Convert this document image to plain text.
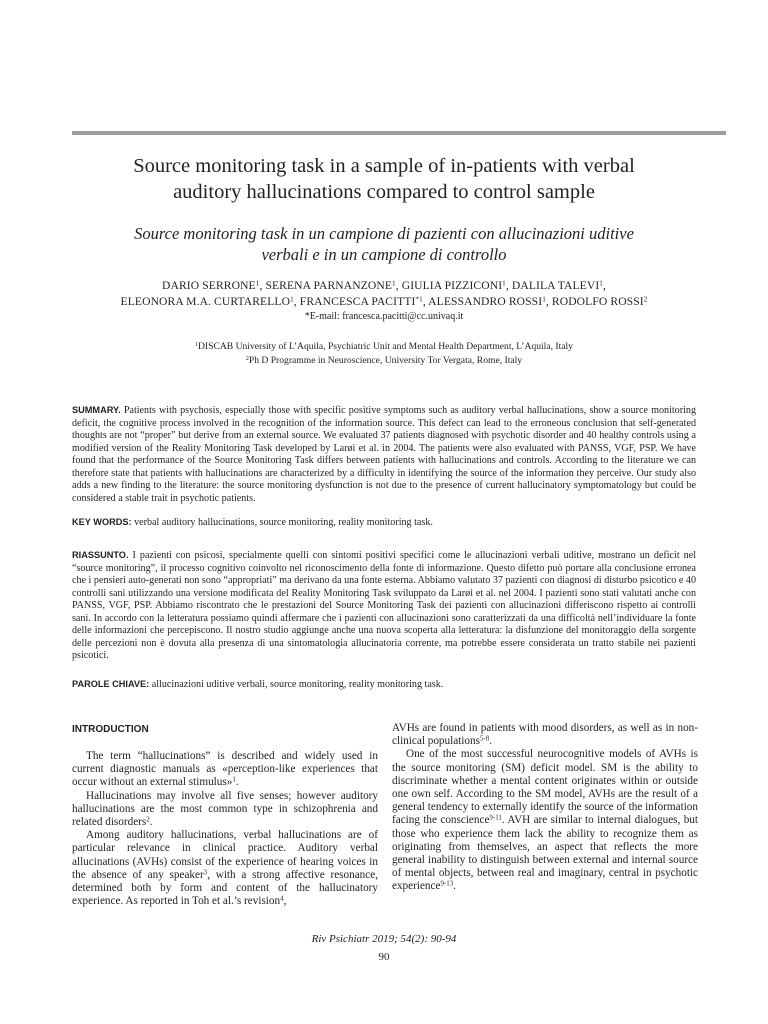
Source monitoring task in a sample of in-patients with verbal
auditory hallucinations compared to control sample
Source monitoring task in un campione di pazienti con allucinazioni uditive
verbali e in un campione di controllo
DARIO SERRONE$^1$, SERENA PARNANZONE$^1$, GIULIA PIZZICONI$^1$, DALILA TALEVI$^1$,
ELEONORA M.A. CURTARELLO$^1$, FRANCESCA PACITTI$^{*1}$, ALESSANDRO ROSSI$^1$, RODOLFO ROSSI$^2$
*E-mail: francesca.pacitti@cc.univaq.it
$^1$DISCAB University of L’Aquila, Psychiatric Unit and Mental Health Department, L’Aquila, Italy
$^2$Ph D Programme in Neuroscience, University Tor Vergata, Rome, Italy
SUMMARY. Patients with psychosis, especially those with specific positive symptoms such as auditory verbal hallucinations, show a source monitoring deficit, the cognitive process involved in the recognition of the information source. This defect can lead to the erroneous conclusion that self-generated thoughts are not “proper” but derive from an external source. We evaluated 37 patients diagnosed with psychotic disorder and 40 healthy controls using a modified version of the Reality Monitoring Task developed by Larøi et al. in 2004. The patients were also evaluated with PANSS, VGF, PSP. We have found that the performance of the Source Monitoring Task differs between patients with hallucinations and controls. According to the literature we can therefore state that patients with hallucinations are characterized by a difficulty in identifying the source of the information they perceive. Our study also adds a new finding to the literature: the source monitoring dysfunction is not due to the presence of current hallucinatory symptomatology but could be considered a stable trait in psychotic patients.
KEY WORDS: verbal auditory hallucinations, source monitoring, reality monitoring task.
RIASSUNTO. I pazienti con psicosi, specialmente quelli con sintomi positivi specifici come le allucinazioni verbali uditive, mostrano un deficit nel “source monitoring”, il processo cognitivo coinvolto nel riconoscimento della fonte di informazione. Questo difetto può portare alla conclusione erronea che i pensieri auto-generati non sono “appropriati” ma derivano da una fonte esterna. Abbiamo valutato 37 pazienti con diagnosi di disturbo psicotico e 40 controlli sani utilizzando una versione modificata del Reality Monitoring Task sviluppato da Larøi et al. nel 2004. I pazienti sono stati valutati anche con PANSS, VGF, PSP. Abbiamo riscontrato che le prestazioni del Source Monitoring Task dei pazienti con allucinazioni differiscono rispetto ai controlli sani. In accordo con la letteratura possiamo quindi affermare che i pazienti con allucinazioni sono caratterizzati da una difficoltà nell’individuare la fonte delle informazioni che percepiscono. Il nostro studio aggiunge anche una nuova scoperta alla letteratura: la disfunzione del monitoraggio della sorgente delle percezioni non è dovuta alla presenza di una sintomatologia allucinatoria corrente, ma potrebbe essere considerata un tratto stabile nei pazienti psicotici.
PAROLE CHIAVE: allucinazioni uditive verbali, source monitoring, reality monitoring task.
INTRODUCTION

The term “hallucinations” is described and widely used in current diagnostic manuals as «perception-like experiences that occur without an external stimulus»$^1$.

Hallucinations may involve all five senses; however auditory hallucinations are the most common type in schizophrenia and related disorders$^2$.

Among auditory hallucinations, verbal hallucinations are of particular relevance in clinical practice. Auditory verbal allucinations (AVHs) consist of the experience of hearing voices in the absence of any speaker$^3$, with a strong affective resonance, determined both by form and content of the hallucinatory experience. As reported in Toh et al.’s revision$^4$,

AVHs are found in patients with mood disorders, as well as in non-clinical populations$^{5-8}$.

One of the most successful neurocognitive models of AVHs is the source monitoring (SM) deficit model. SM is the ability to discriminate whether a mental content originates within or outside one own self. According to the SM model, AVHs are the result of a general tendency to externally identify the source of the information facing the conscience$^{9-11}$. AVH are similar to internal dialogues, but those who experience them lack the ability to recognize them as originating from themselves, an aspect that reflects the more general inability to distinguish between external and internal source of mental objects, between real and imaginary, central in psychotic experience$^{9-13}$.

Riv Psichiatr 2019; 54(2): 90-94
90
